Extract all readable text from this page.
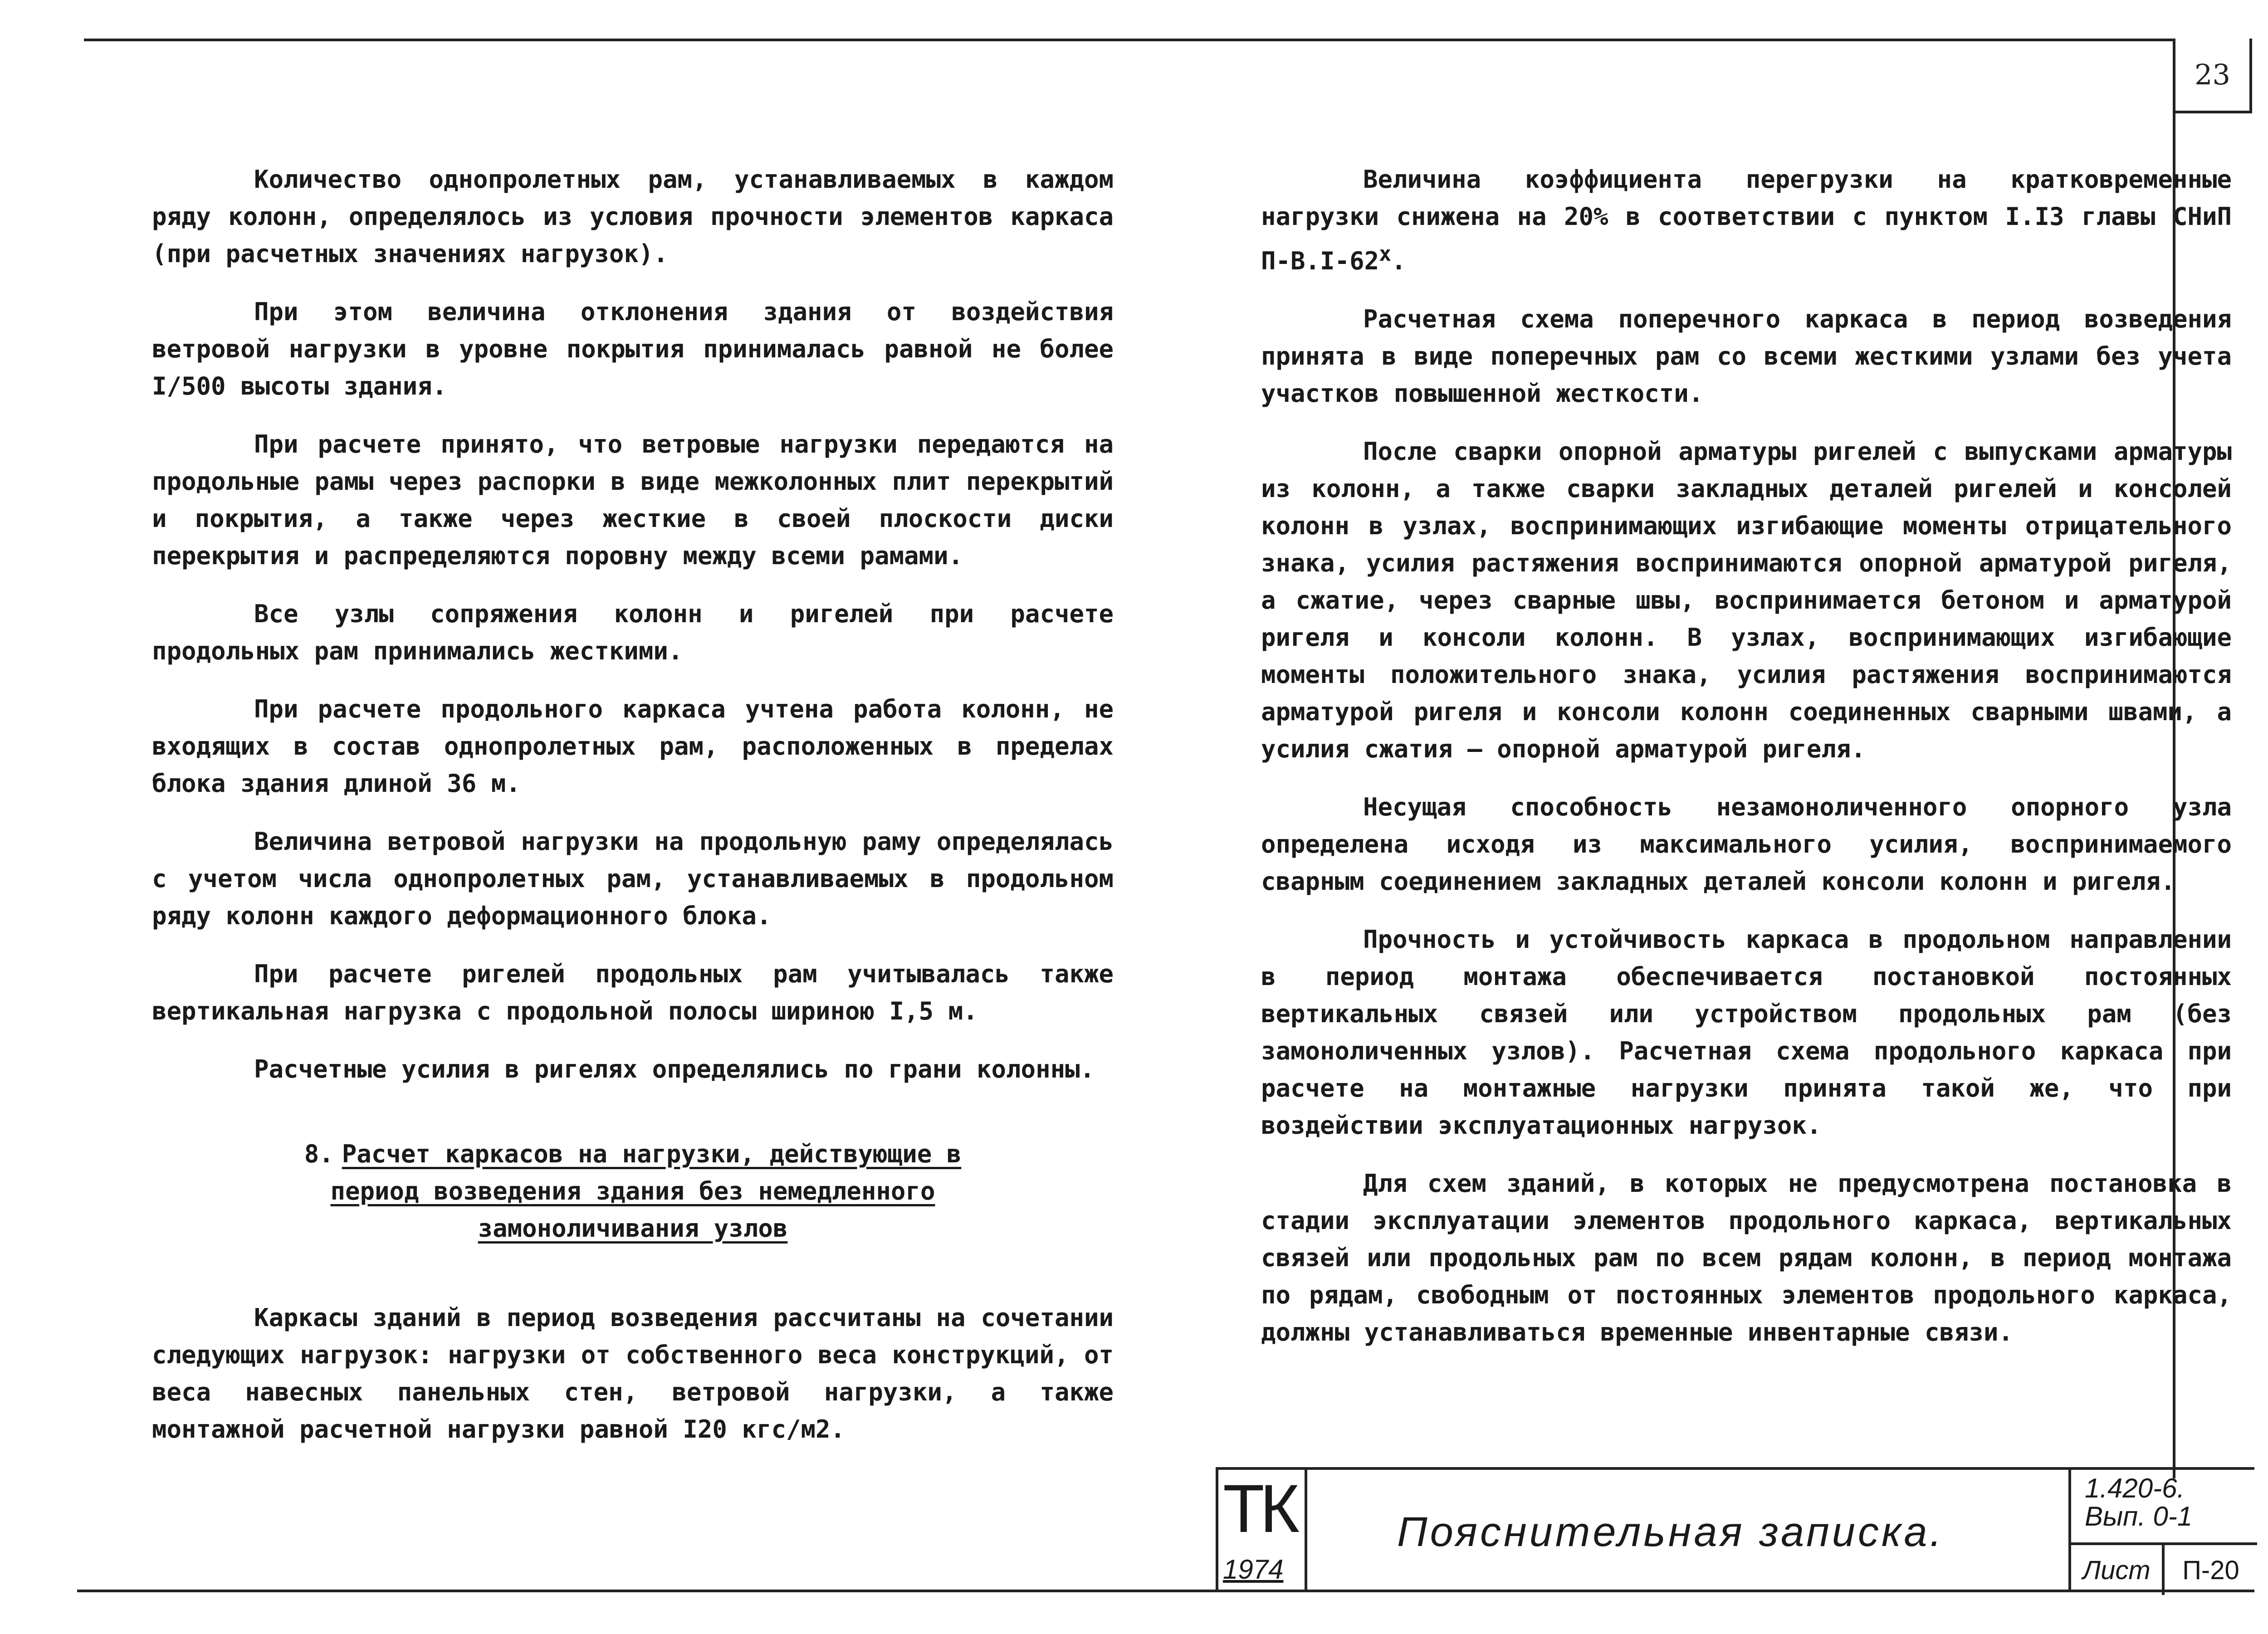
23

Количество однопролетных рам, устанавливаемых в каждом ряду колонн, определялось из условия прочности элементов каркаса (при расчетных значениях нагрузок).

При этом величина отклонения здания от воздействия ветровой нагрузки в уровне покрытия принималась равной не более I/500 высоты здания.

При расчете принято, что ветровые нагрузки передаются на продольные рамы через распорки в виде межколонных плит перекрытий и покрытия, а также через жесткие в своей плоскости диски перекрытия и распределяются поровну между всеми рамами.

Все узлы сопряжения колонн и ригелей при расчете продольных рам принимались жесткими.

При расчете продольного каркаса учтена работа колонн, не входящих в состав однопролетных рам, расположенных в пределах блока здания длиной 36 м.

Величина ветровой нагрузки на продольную раму определялась с учетом числа однопролетных рам, устанавливаемых в продольном ряду колонн каждого деформационного блока.

При расчете ригелей продольных рам учитывалась также вертикальная нагрузка с продольной полосы шириною I,5 м.

Расчетные усилия в ригелях определялись по грани колонны.

8. Расчет каркасов на нагрузки, действующие в
период возведения здания без немедленного
замоноличивания узлов

Каркасы зданий в период возведения рассчитаны на сочетании следующих нагрузок: нагрузки от собственного веса конструкций, от веса навесных панельных стен, ветровой нагрузки, а также монтажной расчетной нагрузки равной I20 кгс/м2.

Величина коэффициента перегрузки на кратковременные нагрузки снижена на 20% в соответствии с пунктом I.I3 главы СНиП $П-В.I-62^х$.

Расчетная схема поперечного каркаса в период возведения принята в виде поперечных рам со всеми жесткими узлами без учета участков повышенной жесткости.

После сварки опорной арматуры ригелей с выпусками арматуры из колонн, а также сварки закладных деталей ригелей и консолей колонн в узлах, воспринимающих изгибающие моменты отрицательного знака, усилия растяжения воспринимаются опорной арматурой ригеля, а сжатие, через сварные швы, воспринимается бетоном и арматурой ригеля и консоли колонн. В узлах, воспринимающих изгибающие моменты положительного знака, усилия растяжения воспринимаются арматурой ригеля и консоли колонн соединенных сварными швами, а усилия сжатия – опорной арматурой ригеля.

Несущая способность незамоноличенного опорного узла определена исходя из максимального усилия, воспринимаемого сварным соединением закладных деталей консоли колонн и ригеля.

Прочность и устойчивость каркаса в продольном направлении в период монтажа обеспечивается постановкой постоянных вертикальных связей или устройством продольных рам (без замоноличенных узлов). Расчетная схема продольного каркаса при расчете на монтажные нагрузки принята такой же, что при воздействии эксплуатационных нагрузок.

Для схем зданий, в которых не предусмотрена постановка в стадии эксплуатации элементов продольного каркаса, вертикальных связей или продольных рам по всем рядам колонн, в период монтажа по рядам, свободным от постоянных элементов продольного каркаса, должны устанавливаться временные инвентарные связи.

ТК
1974
Пояснительная записка.
1.420-6.
Вып. 0-1
Лист	П-20
